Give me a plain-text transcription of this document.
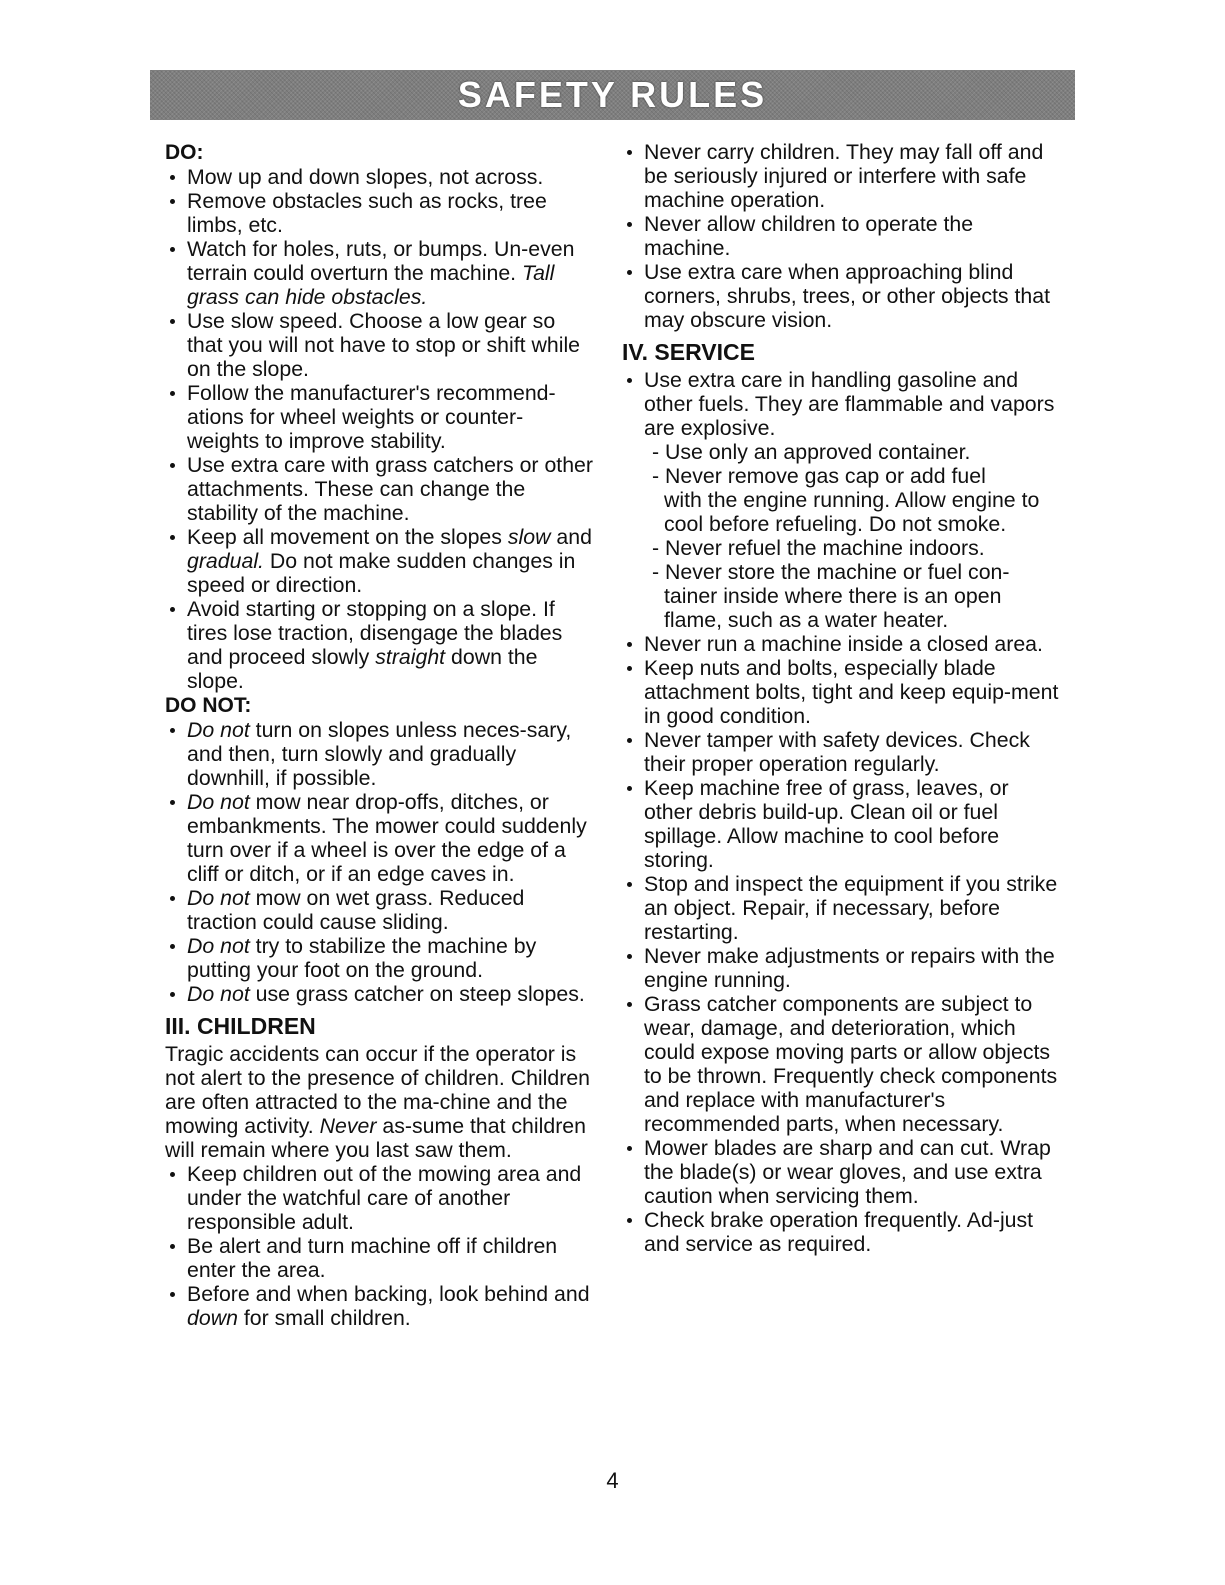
SAFETY RULES
DO:
Mow up and down slopes, not across.
Remove obstacles such as rocks, tree limbs, etc.
Watch for holes, ruts, or bumps. Un-even terrain could overturn the machine. Tall grass can hide obstacles.
Use slow speed. Choose a low gear so that you will not have to stop or shift while on the slope.
Follow the manufacturer's recommend-ations for wheel weights or counter-weights to improve stability.
Use extra care with grass catchers or other attachments. These can change the stability of the machine.
Keep all movement on the slopes slow and gradual. Do not make sudden changes in speed or direction.
Avoid starting or stopping on a slope. If tires lose traction, disengage the blades and proceed slowly straight down the slope.
DO NOT:
Do not turn on slopes unless neces-sary, and then, turn slowly and gradually downhill, if possible.
Do not mow near drop-offs, ditches, or embankments. The mower could suddenly turn over if a wheel is over the edge of a cliff or ditch, or if an edge caves in.
Do not mow on wet grass. Reduced traction could cause sliding.
Do not try to stabilize the machine by putting your foot on the ground.
Do not use grass catcher on steep slopes.
III. CHILDREN

Tragic accidents can occur if the operator is not alert to the presence of children. Children are often attracted to the ma-chine and the mowing activity. Never as-sume that children will remain where you last saw them.

Keep children out of the mowing area and under the watchful care of another responsible adult.
Be alert and turn machine off if children enter the area.
Before and when backing, look behind and down for small children.
Never carry children. They may fall off and be seriously injured or interfere with safe machine operation.
Never allow children to operate the machine.
Use extra care when approaching blind corners, shrubs, trees, or other objects that may obscure vision.
IV. SERVICE
Use extra care in handling gasoline and other fuels. They are flammable and vapors are explosive.
- Use only an approved container.
- Never remove gas cap or add fuel
with the engine running. Allow engine to cool before refueling. Do not smoke.
- Never refuel the machine indoors.
- Never store the machine or fuel con-
tainer inside where there is an open flame, such as a water heater.
Never run a machine inside a closed area.
Keep nuts and bolts, especially blade attachment bolts, tight and keep equip-ment in good condition.
Never tamper with safety devices. Check their proper operation regularly.
Keep machine free of grass, leaves, or other debris build-up. Clean oil or fuel spillage. Allow machine to cool before storing.
Stop and inspect the equipment if you strike an object. Repair, if necessary, before restarting.
Never make adjustments or repairs with the engine running.
Grass catcher components are subject to wear, damage, and deterioration, which could expose moving parts or allow objects to be thrown. Frequently check components and replace with manufacturer's recommended parts, when necessary.
Mower blades are sharp and can cut. Wrap the blade(s) or wear gloves, and use extra caution when servicing them.
Check brake operation frequently. Ad-just and service as required.
4
